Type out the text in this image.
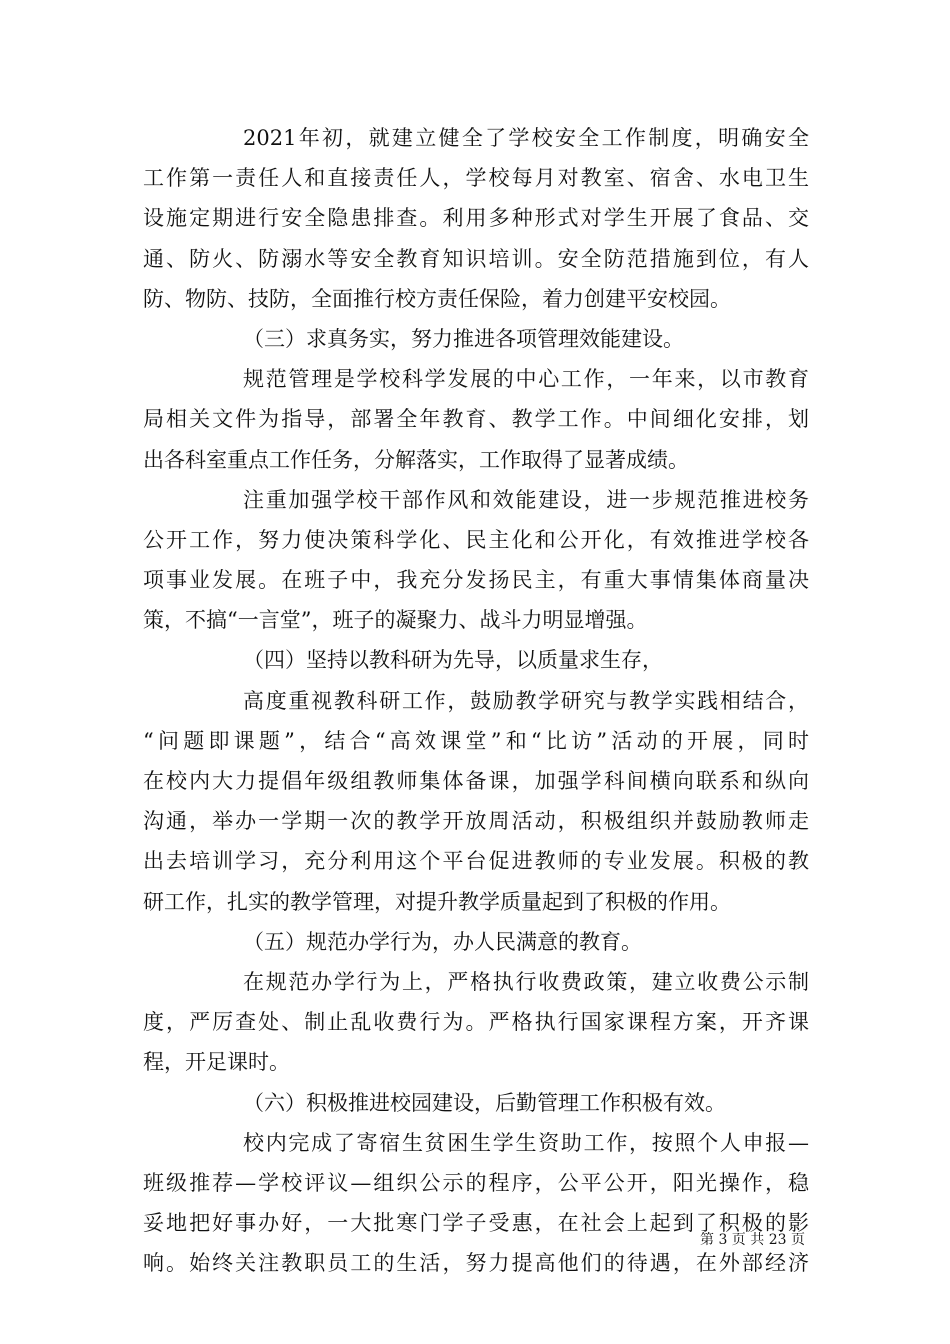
2021年初，就建立健全了学校安全工作制度，明确安全
工作第一责任人和直接责任人，学校每月对教室、宿舍、水电卫生
设施定期进行安全隐患排查。利用多种形式对学生开展了食品、交
通、防火、防溺水等安全教育知识培训。安全防范措施到位，有人
防、物防、技防，全面推行校方责任保险，着力创建平安校园。
（三）求真务实，努力推进各项管理效能建设。
规范管理是学校科学发展的中心工作，一年来，以市教育
局相关文件为指导，部署全年教育、教学工作。中间细化安排，划
出各科室重点工作任务，分解落实，工作取得了显著成绩。
注重加强学校干部作风和效能建设，进一步规范推进校务
公开工作，努力使决策科学化、民主化和公开化，有效推进学校各
项事业发展。在班子中，我充分发扬民主，有重大事情集体商量决
策，不搞“一言堂”，班子的凝聚力、战斗力明显增强。
（四）坚持以教科研为先导，以质量求生存，
高度重视教科研工作，鼓励教学研究与教学实践相结合，
“问题即课题”，结合“高效课堂”和“比访”活动的开展，同时
在校内大力提倡年级组教师集体备课，加强学科间横向联系和纵向
沟通，举办一学期一次的教学开放周活动，积极组织并鼓励教师走
出去培训学习，充分利用这个平台促进教师的专业发展。积极的教
研工作，扎实的教学管理，对提升教学质量起到了积极的作用。
（五）规范办学行为，办人民满意的教育。
在规范办学行为上，严格执行收费政策，建立收费公示制
度，严厉查处、制止乱收费行为。严格执行国家课程方案，开齐课
程，开足课时。
（六）积极推进校园建设，后勤管理工作积极有效。
校内完成了寄宿生贫困生学生资助工作，按照个人申报—
班级推荐—学校评议—组织公示的程序，公平公开，阳光操作，稳
妥地把好事办好，一大批寒门学子受惠，在社会上起到了积极的影
响。始终关注教职员工的生活，努力提高他们的待遇，在外部经济
第 3 页 共 23 页
